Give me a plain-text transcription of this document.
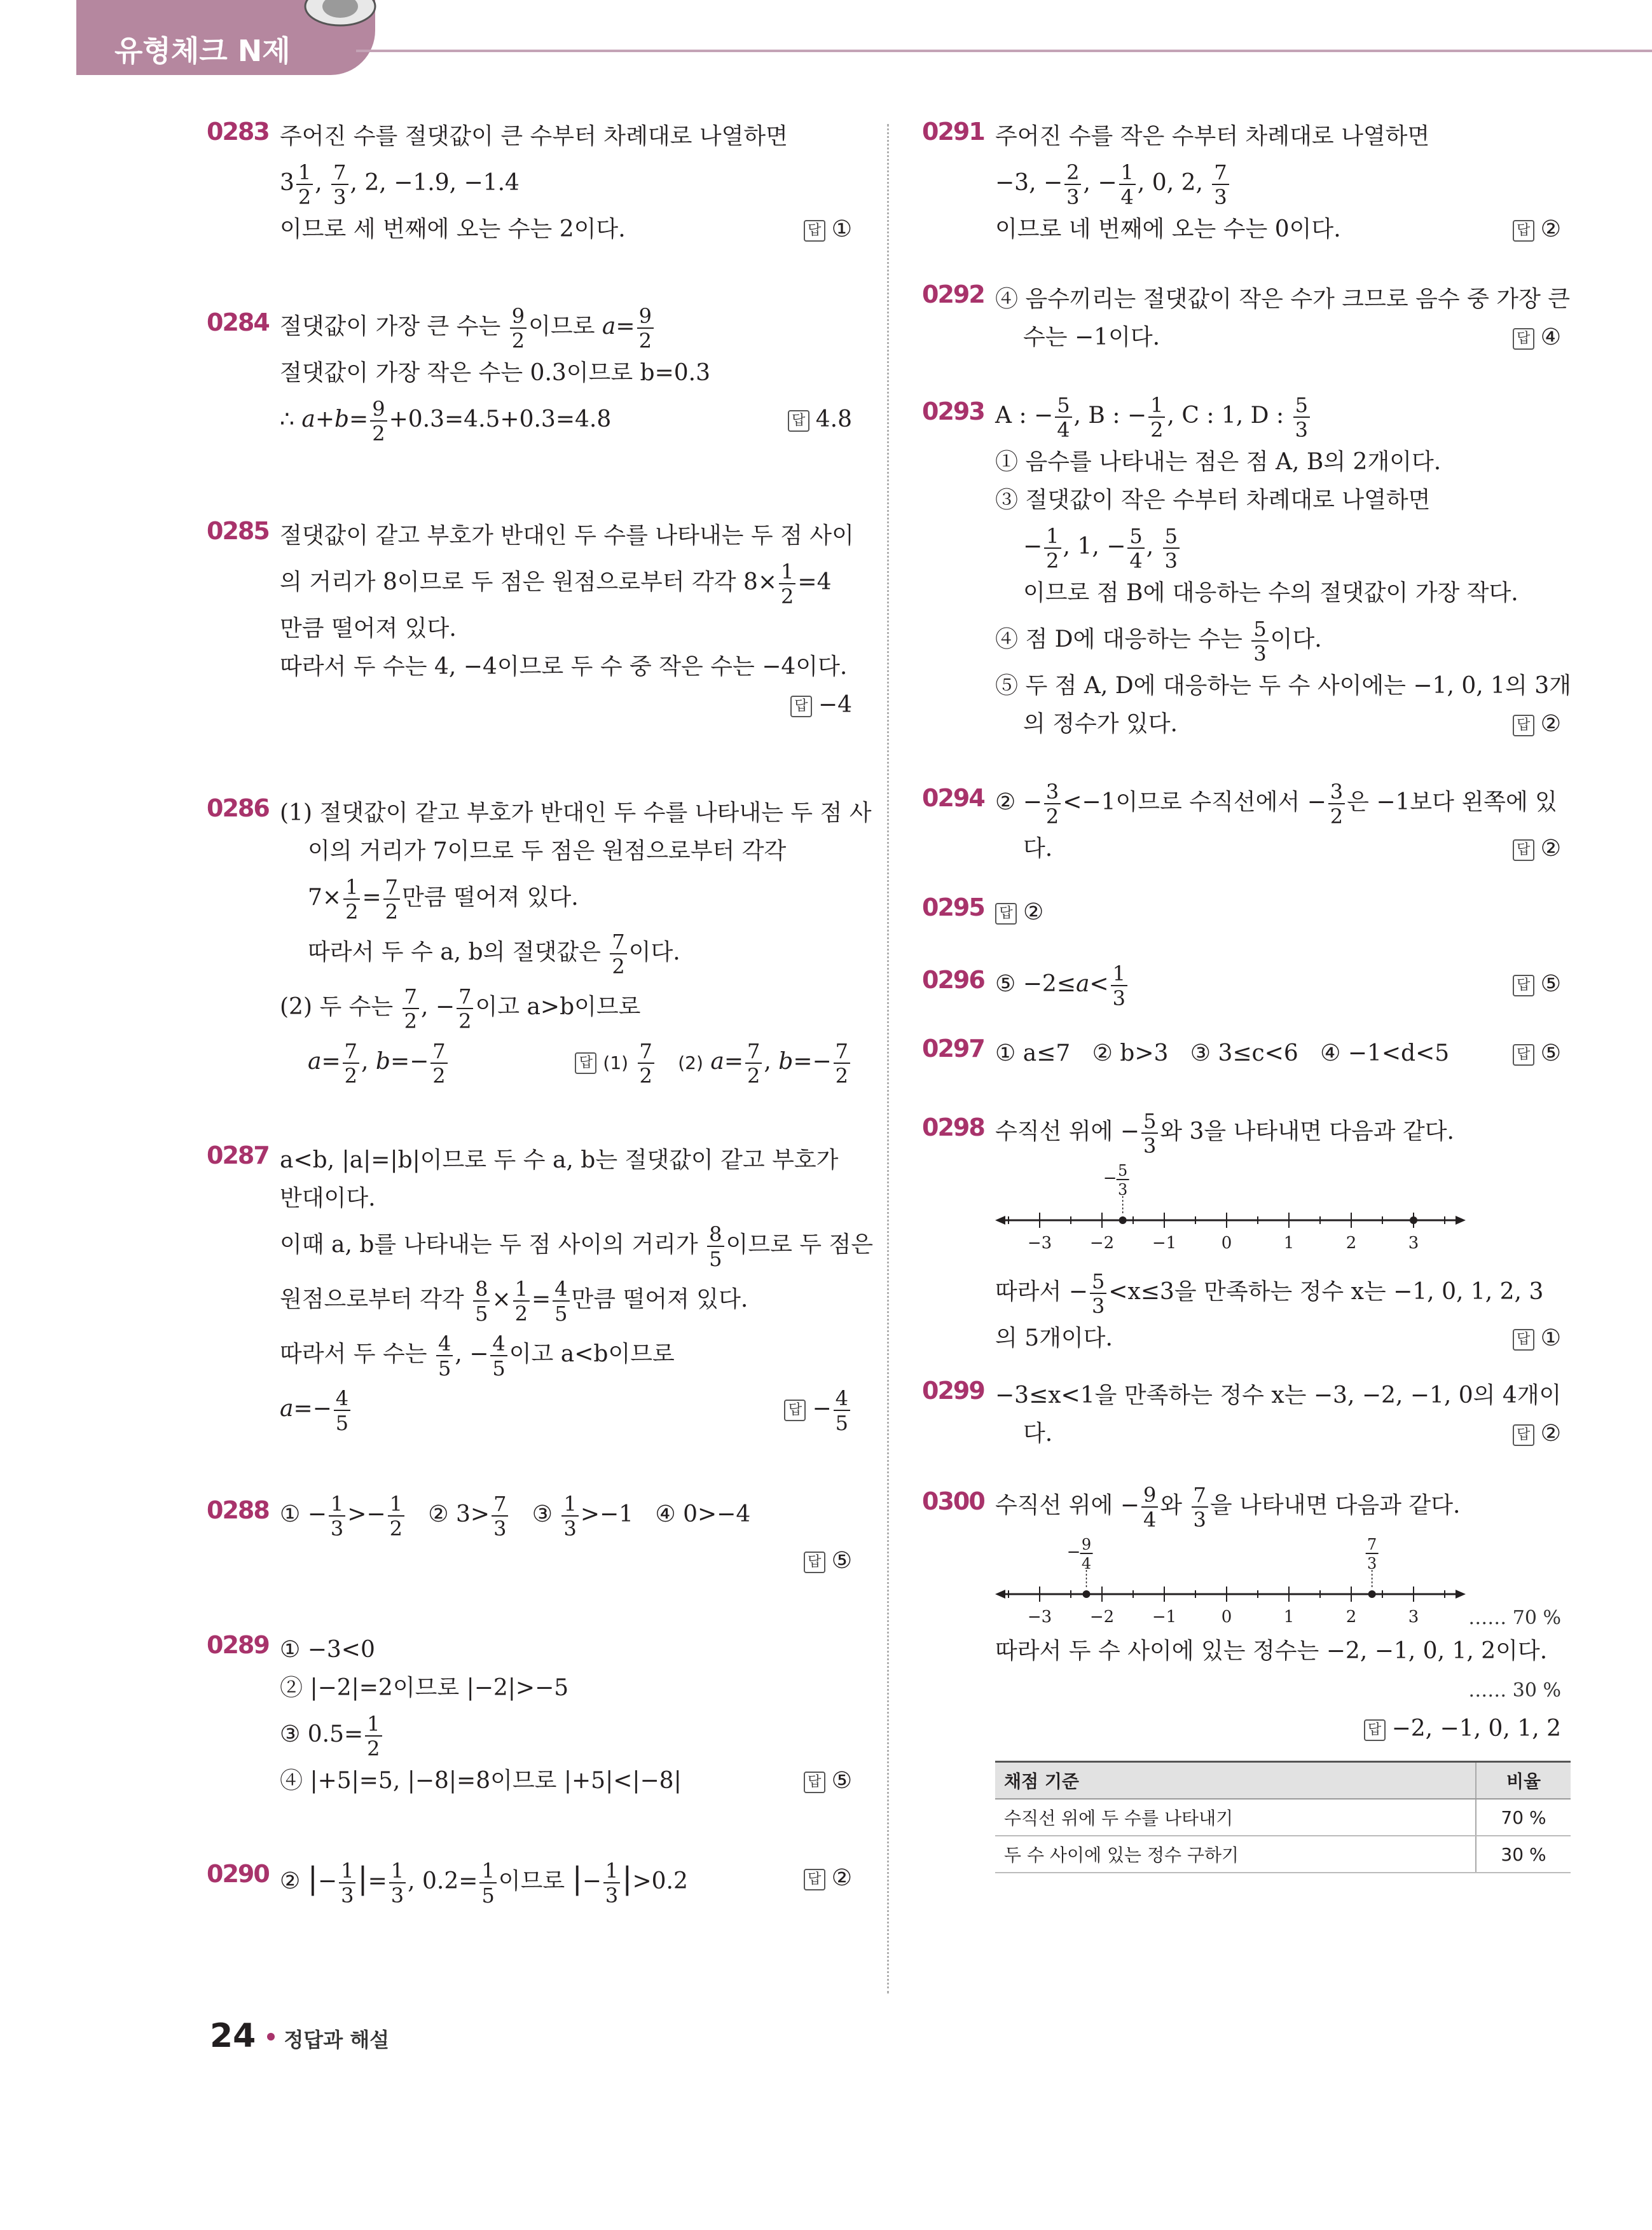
유형체크 N제
0283 주어진 수를 절댓값이 큰 수부터 차례대로 나열하면
$3 \frac{1}{2}$ , $\frac{7}{3}$ , 2, −1.9, −1.4
이므로 세 번째에 오는 수는 2이다.	답 ①
0284 절댓값이 가장 큰 수는 $\frac{9}{2}$ 이므로 $a= \frac{9}{2}$
절댓값이 가장 작은 수는 0.3이므로 b=0.3
∴ $a+b= \frac{9}{2} +0.3=4.5+0.3=4.8$	답 4.8
0285 절댓값이 같고 부호가 반대인 두 수를 나타내는 두 점 사이
의 거리가 8이므로 두 점은 원점으로부터 각각 $8\times \frac{1}{2} =4$
만큼 떨어져 있다.
따라서 두 수는 4, −4이므로 두 수 중 작은 수는 −4이다.
답 −4
0286 (1) 절댓값이 같고 부호가 반대인 두 수를 나타내는 두 점 사
이의 거리가 7이므로 두 점은 원점으로부터 각각
$7\times \frac{1}{2} = \frac{7}{2}$ 만큼 떨어져 있다.
따라서 두 수 a, b의 절댓값은 $\frac{7}{2}$ 이다.
(2) 두 수는 $\frac{7}{2}$ , − $\frac{7}{2}$ 이고 a>b이므로
$a= \frac{7}{2}$ , $b=- \frac{7}{2}$	답 $(1) \frac{7}{2} (2)$ $a= \frac{7}{2}$ , $b=- \frac{7}{2}$
0287 a<b, |a|=|b|이므로 두 수 a, b는 절댓값이 같고 부호가
반대이다.
이때 a, b를 나타내는 두 점 사이의 거리가 $\frac{8}{5}$ 이므로 두 점은
원점으로부터 각각 $\frac{8}{5} \times \frac{1}{2} = \frac{4}{5}$ 만큼 떨어져 있다.
따라서 두 수는 $\frac{4}{5}$ , − $\frac{4}{5}$ 이고 a<b이므로
$a=- \frac{4}{5}$	답 − $\frac{4}{5}$
0288 ① − $\frac{1}{3} >- \frac{1}{2}$ ② $3> \frac{7}{3}$ ③ $\frac{1}{3} >-1$   ④ 0>−4
답 ⑤
0289 ① −3<0
② |−2|=2이므로 |−2|>−5
③ $0.5= \frac{1}{2}$
④ |+5|=5, |−8|=8이므로 |+5|<|−8|	답 ⑤
0290 ② |− $\frac{1}{3}$ |= $\frac{1}{3}$ , $0.2= \frac{1}{5}$ 이므로 |− $\frac{1}{3} |>0.2$	답 ②
0291 주어진 수를 작은 수부터 차례대로 나열하면
−3, − $\frac{2}{3}$ , − $\frac{1}{4}$ , 0, 2, $\frac{7}{3}$
이므로 네 번째에 오는 수는 0이다.	답 ②
0292 ④ 음수끼리는 절댓값이 작은 수가 크므로 음수 중 가장 큰
수는 −1이다.	답 ④
0293 A : − $\frac{5}{4}$ , B : − $\frac{1}{2}$ , C : 1, D : $\frac{5}{3}$
① 음수를 나타내는 점은 점 A, B의 2개이다.
③ 절댓값이 작은 수부터 차례대로 나열하면
− $\frac{1}{2}$ , 1, − $\frac{5}{4}$ , $\frac{5}{3}$
이므로 점 B에 대응하는 수의 절댓값이 가장 작다.
④ 점 D에 대응하는 수는 $\frac{5}{3}$ 이다.
⑤ 두 점 A, D에 대응하는 두 수 사이에는 −1, 0, 1의 3개
의 정수가 있다.	답 ②
0294 ② − $\frac{3}{2} <-1$이므로 수직선에서 − $\frac{3}{2}$ 은 −1보다 왼쪽에 있
다.	답 ②
0295 답 ②
0296 ⑤ $-2\le a< \frac{1}{3}$	답 ⑤
0297 ① a≤7   ② b>3   ③ 3≤c<6   ④ −1<d<5	답 ⑤
0298 수직선 위에 − $\frac{5}{3}$ 와 3을 나타내면 다음과 같다.
−3 −2 −1	0	1	2	3
− 5
3
따라서 − $\frac{5}{3} <x\le 3$을 만족하는 정수 x는 −1, 0, 1, 2, 3
의 5개이다.	답 ①
0299 −3≤x<1을 만족하는 정수 x는 −3, −2, −1, 0의 4개이
다.	답 ②
0300 수직선 위에 − $\frac{9}{4}$ 와 $\frac{7}{3}$ 을 나타내면 다음과 같다.
−3 −2 −1	0	1	2	3
− 9
4
7
3
…… 70 %
따라서 두 수 사이에 있는 정수는 −2, −1, 0, 1, 2이다.
…… 30 %
답 −2, −1, 0, 1, 2
채점 기준	비율
수직선 위에 두 수를 나타내기	70 %
두 수 사이에 있는 정수 구하기	30 %
24 정답과 해설
